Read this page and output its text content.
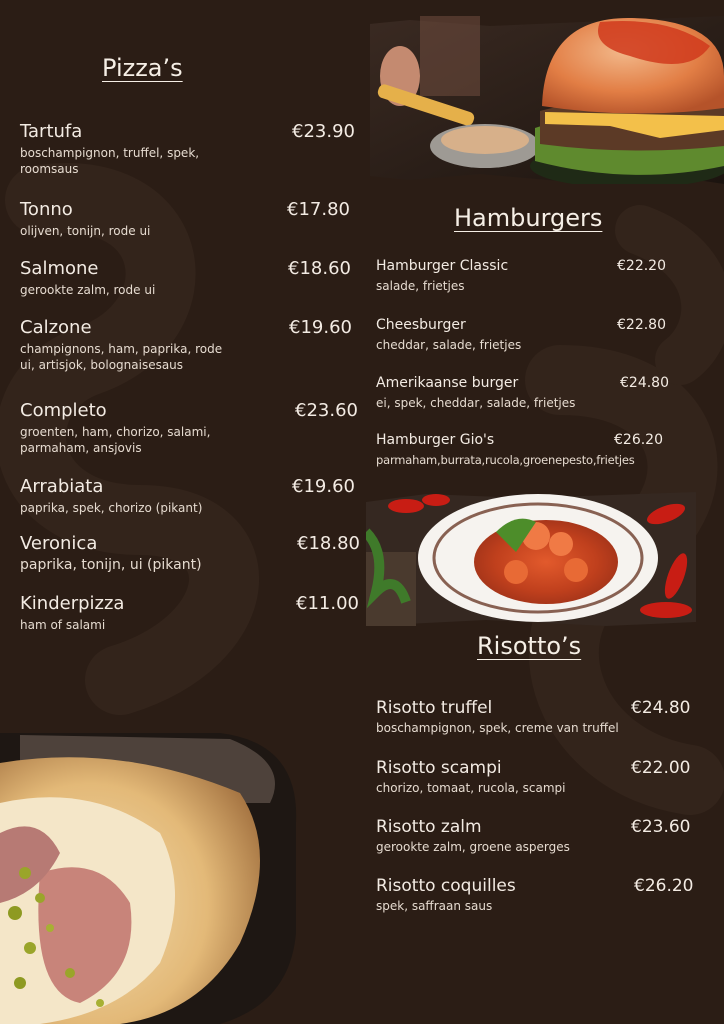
Pizza’s
Tartufa	€23.90
boschampignon, truffel, spek, roomsaus
Tonno	€17.80
olijven, tonijn, rode ui
Salmone	€18.60
gerookte zalm, rode ui
Calzone	€19.60
champignons, ham, paprika, rode ui, artisjok, bolognaisesaus
Completo	€23.60
groenten, ham, chorizo, salami, parmaham, ansjovis
Arrabiata	€19.60
paprika, spek, chorizo (pikant)
Veronica	€18.80
paprika, tonijn, ui (pikant)
Kinderpizza	€11.00
ham of salami
Hamburgers
Hamburger Classic	€22.20
salade, frietjes
Cheesburger	€22.80
cheddar, salade, frietjes
Amerikaanse burger	€24.80
ei, spek, cheddar, salade, frietjes
Hamburger Gio's	€26.20
parmaham,burrata,rucola,groenepesto,frietjes
Risotto’s
Risotto truffel	€24.80
boschampignon, spek, creme van truffel
Risotto scampi	€22.00
chorizo, tomaat, rucola, scampi
Risotto zalm	€23.60
gerookte zalm, groene asperges
Risotto coquilles	€26.20
spek, saffraan saus
